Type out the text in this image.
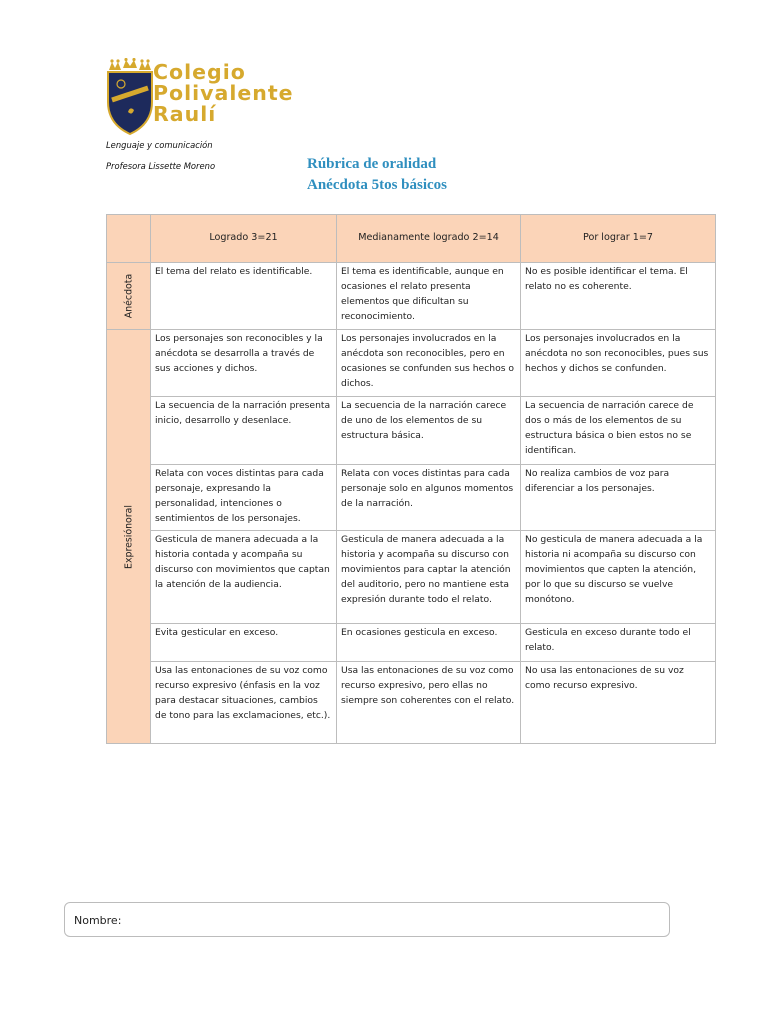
Colegio
Polivalente
Raulí
Lenguaje y comunicación
Profesora Lissette Moreno	Rúbrica de oralidad
Anécdota 5tos básicos
	Logrado 3=21	Medianamente logrado 2=14	Por lograr 1=7

Anécdota	El tema del relato es identificable.	El tema es identificable, aunque en ocasiones el relato presenta elementos que dificultan su reconocimiento.	No es posible identificar el tema. El relato no es coherente.

Expresiónoral	Los personajes son reconocibles y la anécdota se desarrolla a través de sus acciones y dichos.	Los personajes involucrados en la anécdota son reconocibles, pero en ocasiones se confunden sus hechos o dichos.	Los personajes involucrados en la anécdota no son reconocibles, pues sus hechos y dichos se confunden.
	La secuencia de la narración presenta inicio, desarrollo y desenlace.	La secuencia de la narración carece de uno de los elementos de su estructura básica.	La secuencia de narración carece de dos o más de los elementos de su estructura básica o bien estos no se identifican.
	Relata con voces distintas para cada personaje, expresando la personalidad, intenciones o sentimientos de los personajes.	Relata con voces distintas para cada personaje solo en algunos momentos de la narración.	No realiza cambios de voz para diferenciar a los personajes.
	Gesticula de manera adecuada a la historia contada y acompaña su discurso con movimientos que captan la atención de la audiencia.	Gesticula de manera adecuada a la historia y acompaña su discurso con movimientos para captar la atención del auditorio, pero no mantiene esta expresión durante todo el relato.	No gesticula de manera adecuada a la historia ni acompaña su discurso con movimientos que capten la atención, por lo que su discurso se vuelve monótono.
	Evita gesticular en exceso.	En ocasiones gesticula en exceso.	Gesticula en exceso durante todo el relato.
	Usa las entonaciones de su voz como recurso expresivo (énfasis en la voz para destacar situaciones, cambios de tono para las exclamaciones, etc.).	Usa las entonaciones de su voz como recurso expresivo, pero ellas no siempre son coherentes con el relato.	No usa las entonaciones de su voz como recurso expresivo.
Nombre:
